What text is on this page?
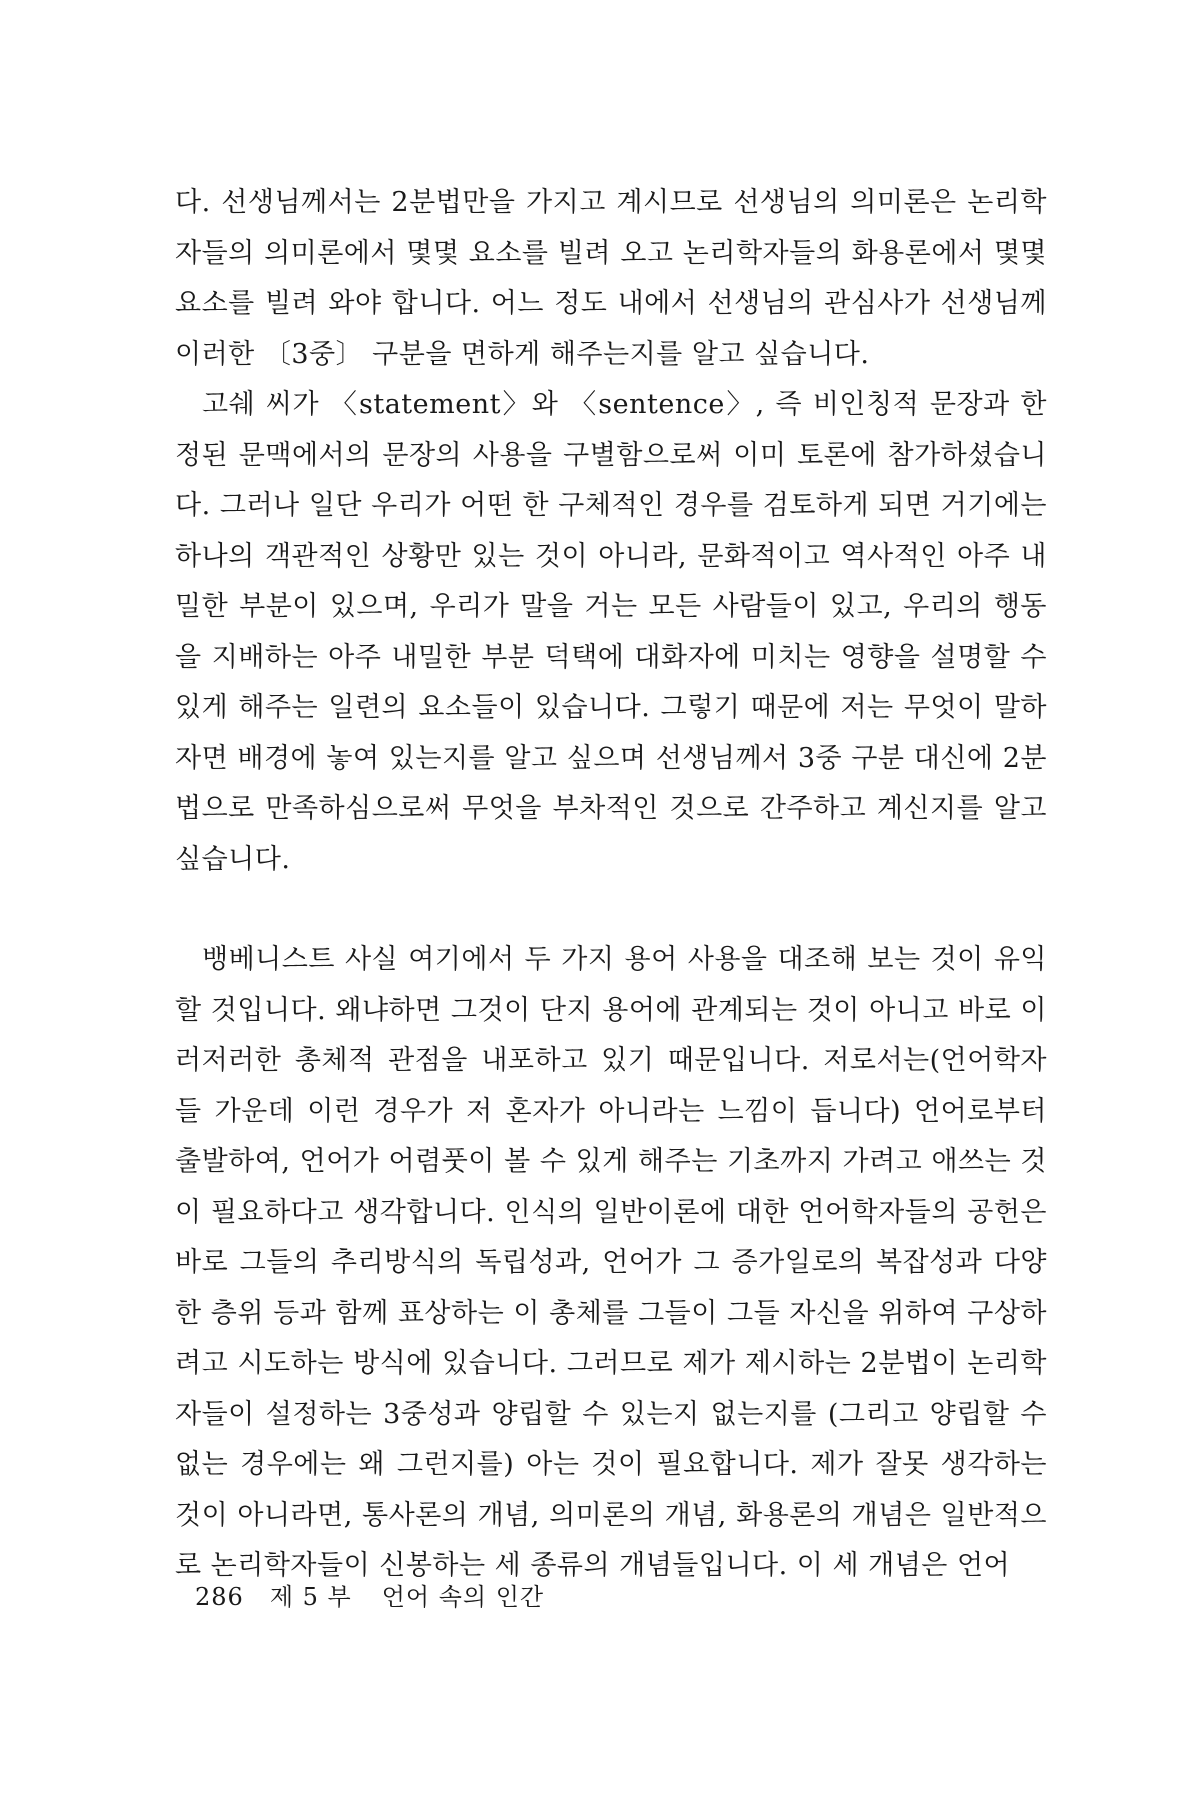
다. 선생님께서는 2분법만을 가지고 계시므로 선생님의 의미론은 논리학자들의 의미론에서 몇몇 요소를 빌려 오고 논리학자들의 화용론에서 몇몇 요소를 빌려 와야 합니다. 어느 정도 내에서 선생님의 관심사가 선생님께 이러한 〔3중〕 구분을 면하게 해주는지를 알고 싶습니다.

고쉐 씨가 〈statement〉와 〈sentence〉, 즉 비인칭적 문장과 한정된 문맥에서의 문장의 사용을 구별함으로써 이미 토론에 참가하셨습니다. 그러나 일단 우리가 어떤 한 구체적인 경우를 검토하게 되면 거기에는 하나의 객관적인 상황만 있는 것이 아니라, 문화적이고 역사적인 아주 내밀한 부분이 있으며, 우리가 말을 거는 모든 사람들이 있고, 우리의 행동을 지배하는 아주 내밀한 부분 덕택에 대화자에 미치는 영향을 설명할 수 있게 해주는 일련의 요소들이 있습니다. 그렇기 때문에 저는 무엇이 말하자면 배경에 놓여 있는지를 알고 싶으며 선생님께서 3중 구분 대신에 2분법으로 만족하심으로써 무엇을 부차적인 것으로 간주하고 계신지를 알고 싶습니다.

뱅베니스트 사실 여기에서 두 가지 용어 사용을 대조해 보는 것이 유익할 것입니다. 왜냐하면 그것이 단지 용어에 관계되는 것이 아니고 바로 이러저러한 총체적 관점을 내포하고 있기 때문입니다. 저로서는(언어학자들 가운데 이런 경우가 저 혼자가 아니라는 느낌이 듭니다) 언어로부터 출발하여, 언어가 어렴풋이 볼 수 있게 해주는 기초까지 가려고 애쓰는 것이 필요하다고 생각합니다. 인식의 일반이론에 대한 언어학자들의 공헌은 바로 그들의 추리방식의 독립성과, 언어가 그 증가일로의 복잡성과 다양한 층위 등과 함께 표상하는 이 총체를 그들이 그들 자신을 위하여 구상하려고 시도하는 방식에 있습니다. 그러므로 제가 제시하는 2분법이 논리학자들이 설정하는 3중성과 양립할 수 있는지 없는지를 (그리고 양립할 수 없는 경우에는 왜 그런지를) 아는 것이 필요합니다. 제가 잘못 생각하는 것이 아니라면, 통사론의 개념, 의미론의 개념, 화용론의 개념은 일반적으로 논리학자들이 신봉하는 세 종류의 개념들입니다. 이 세 개념은 언어

286 제 5 부 언어 속의 인간
